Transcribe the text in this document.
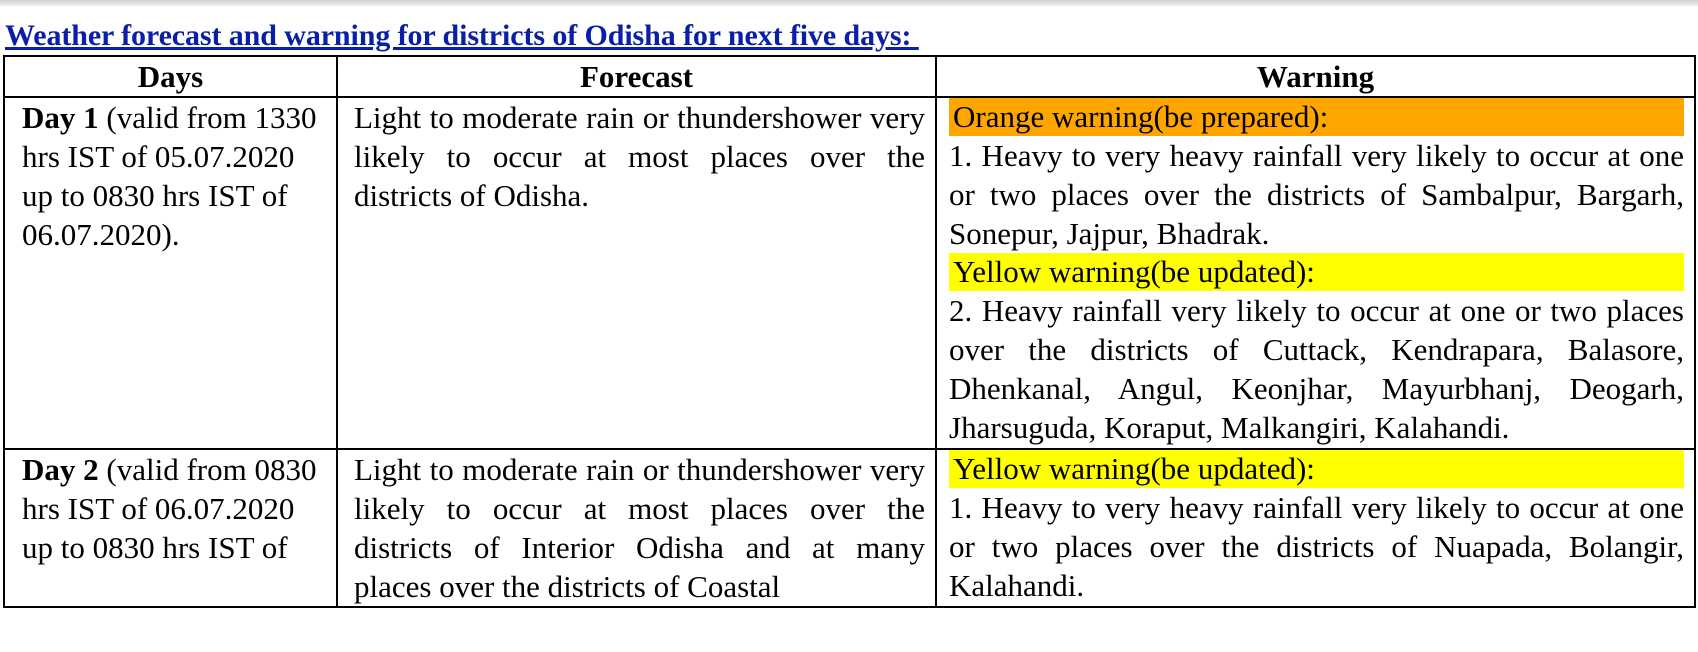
Weather forecast and warning for districts of Odisha for next five days:
Days	Forecast	Warning
Day 1 (valid from 1330 hrs IST of 05.07.2020 up to 0830 hrs IST of 06.07.2020).	Light to moderate rain or thundershower very likely to occur at most places over the districts of Odisha.	Orange warning(be prepared):
1. Heavy to very heavy rainfall very likely to occur at one or two places over the districts of Sambalpur, Bargarh, Sonepur, Jajpur, Bhadrak.
Yellow warning(be updated):
2. Heavy rainfall very likely to occur at one or two places over the districts of Cuttack, Kendrapara, Balasore, Dhenkanal, Angul, Keonjhar, Mayurbhanj, Deogarh, Jharsuguda, Koraput, Malkangiri, Kalahandi.

Day 2 (valid from 0830 hrs IST of 06.07.2020 up to 0830 hrs IST of	Light to moderate rain or thundershower very likely to occur at most places over the districts of Interior Odisha and at many places over the districts of Coastal	Yellow warning(be updated):
1. Heavy to very heavy rainfall very likely to occur at one or two places over the districts of Nuapada, Bolangir, Kalahandi.
